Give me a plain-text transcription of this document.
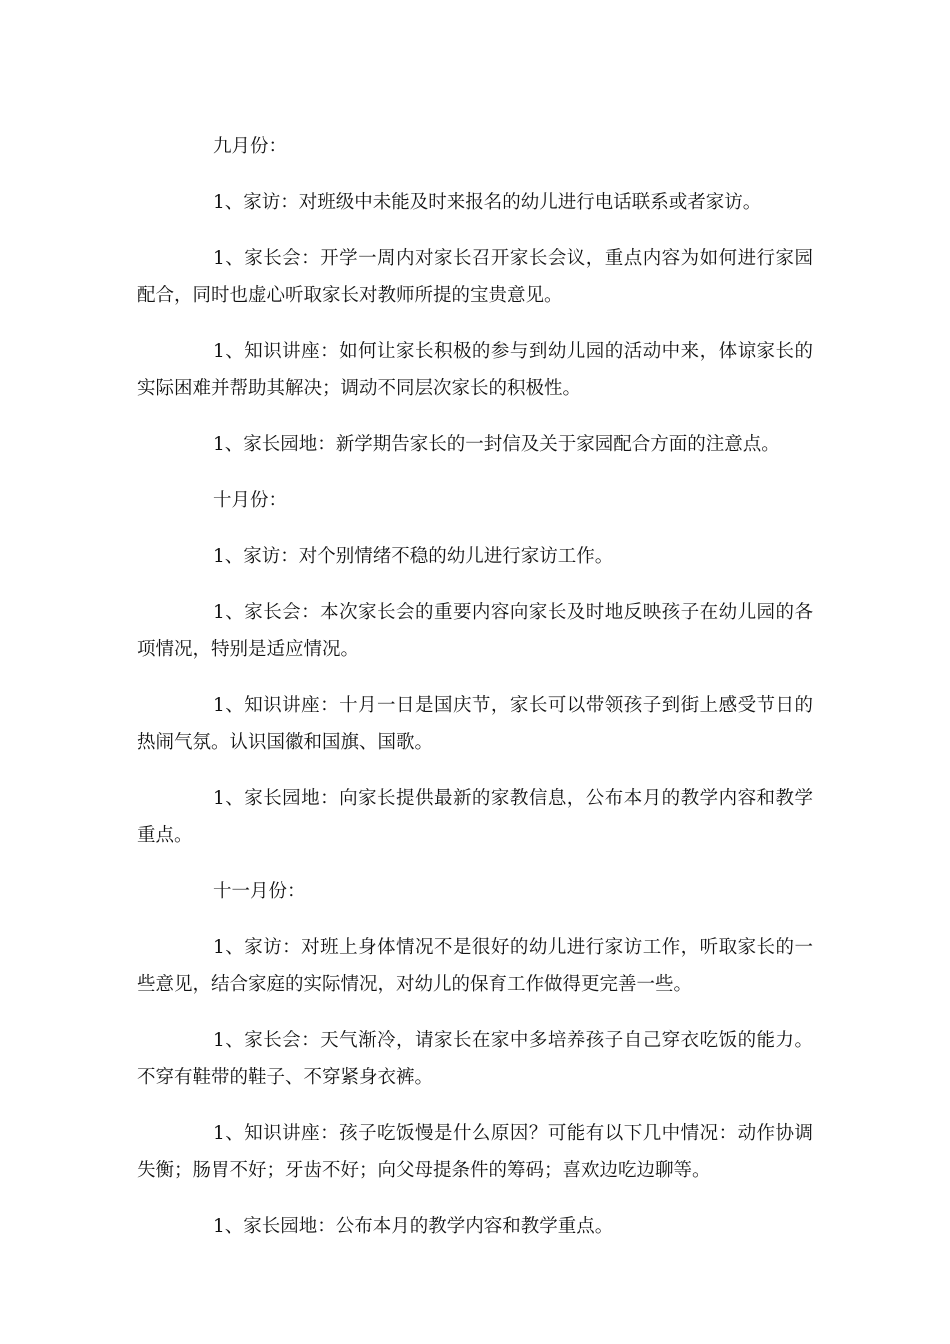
九月份：

1、家访：对班级中未能及时来报名的幼儿进行电话联系或者家访。

1、家长会：开学一周内对家长召开家长会议，重点内容为如何进行家园配合，同时也虚心听取家长对教师所提的宝贵意见。

1、知识讲座：如何让家长积极的参与到幼儿园的活动中来，体谅家长的实际困难并帮助其解决；调动不同层次家长的积极性。

1、家长园地：新学期告家长的一封信及关于家园配合方面的注意点。

十月份：

1、家访：对个别情绪不稳的幼儿进行家访工作。

1、家长会：本次家长会的重要内容向家长及时地反映孩子在幼儿园的各项情况，特别是适应情况。

1、知识讲座：十月一日是国庆节，家长可以带领孩子到街上感受节日的热闹气氛。认识国徽和国旗、国歌。

1、家长园地：向家长提供最新的家教信息，公布本月的教学内容和教学重点。

十一月份：

1、家访：对班上身体情况不是很好的幼儿进行家访工作，听取家长的一些意见，结合家庭的实际情况，对幼儿的保育工作做得更完善一些。

1、家长会：天气渐冷，请家长在家中多培养孩子自己穿衣吃饭的能力。不穿有鞋带的鞋子、不穿紧身衣裤。

1、知识讲座：孩子吃饭慢是什么原因？可能有以下几中情况：动作协调失衡；肠胃不好；牙齿不好；向父母提条件的筹码；喜欢边吃边聊等。

1、家长园地：公布本月的教学内容和教学重点。
